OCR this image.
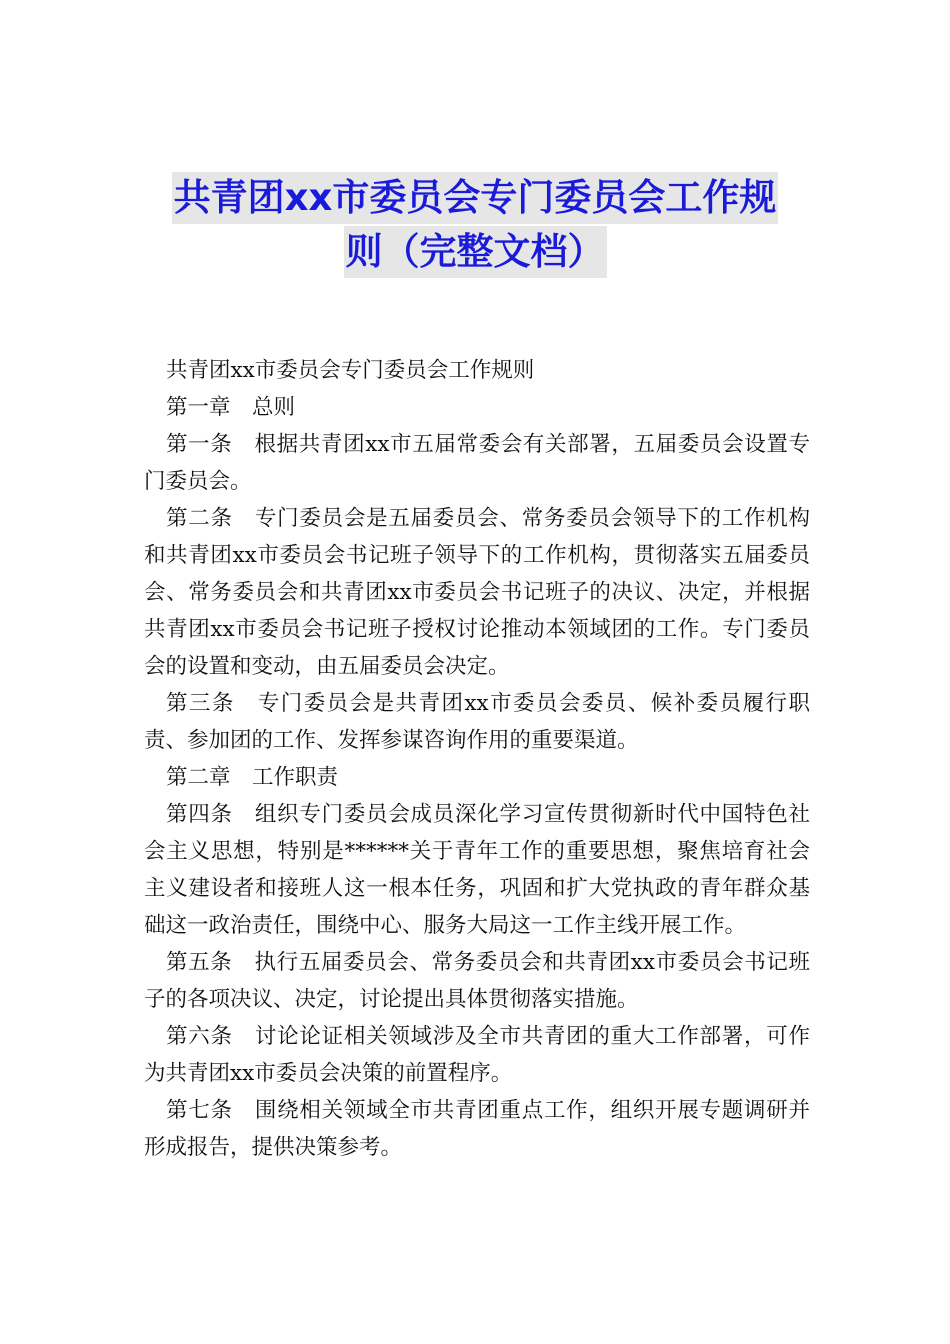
共青团xx市委员会专门委员会工作规
则（完整文档）

共青团xx市委员会专门委员会工作规则

第一章　总则

第一条　根据共青团xx市五届常委会有关部署，五届委员会设置专门委员会。

第二条　专门委员会是五届委员会、常务委员会领导下的工作机构和共青团xx市委员会书记班子领导下的工作机构，贯彻落实五届委员会、常务委员会和共青团xx市委员会书记班子的决议、决定，并根据共青团xx市委员会书记班子授权讨论推动本领域团的工作。专门委员会的设置和变动，由五届委员会决定。

第三条　专门委员会是共青团xx市委员会委员、候补委员履行职责、参加团的工作、发挥参谋咨询作用的重要渠道。

第二章　工作职责

第四条　组织专门委员会成员深化学习宣传贯彻新时代中国特色社会主义思想，特别是******关于青年工作的重要思想，聚焦培育社会主义建设者和接班人这一根本任务，巩固和扩大党执政的青年群众基础这一政治责任，围绕中心、服务大局这一工作主线开展工作。

第五条　执行五届委员会、常务委员会和共青团xx市委员会书记班子的各项决议、决定，讨论提出具体贯彻落实措施。

第六条　讨论论证相关领域涉及全市共青团的重大工作部署，可作为共青团xx市委员会决策的前置程序。

第七条　围绕相关领域全市共青团重点工作，组织开展专题调研并形成报告，提供决策参考。
